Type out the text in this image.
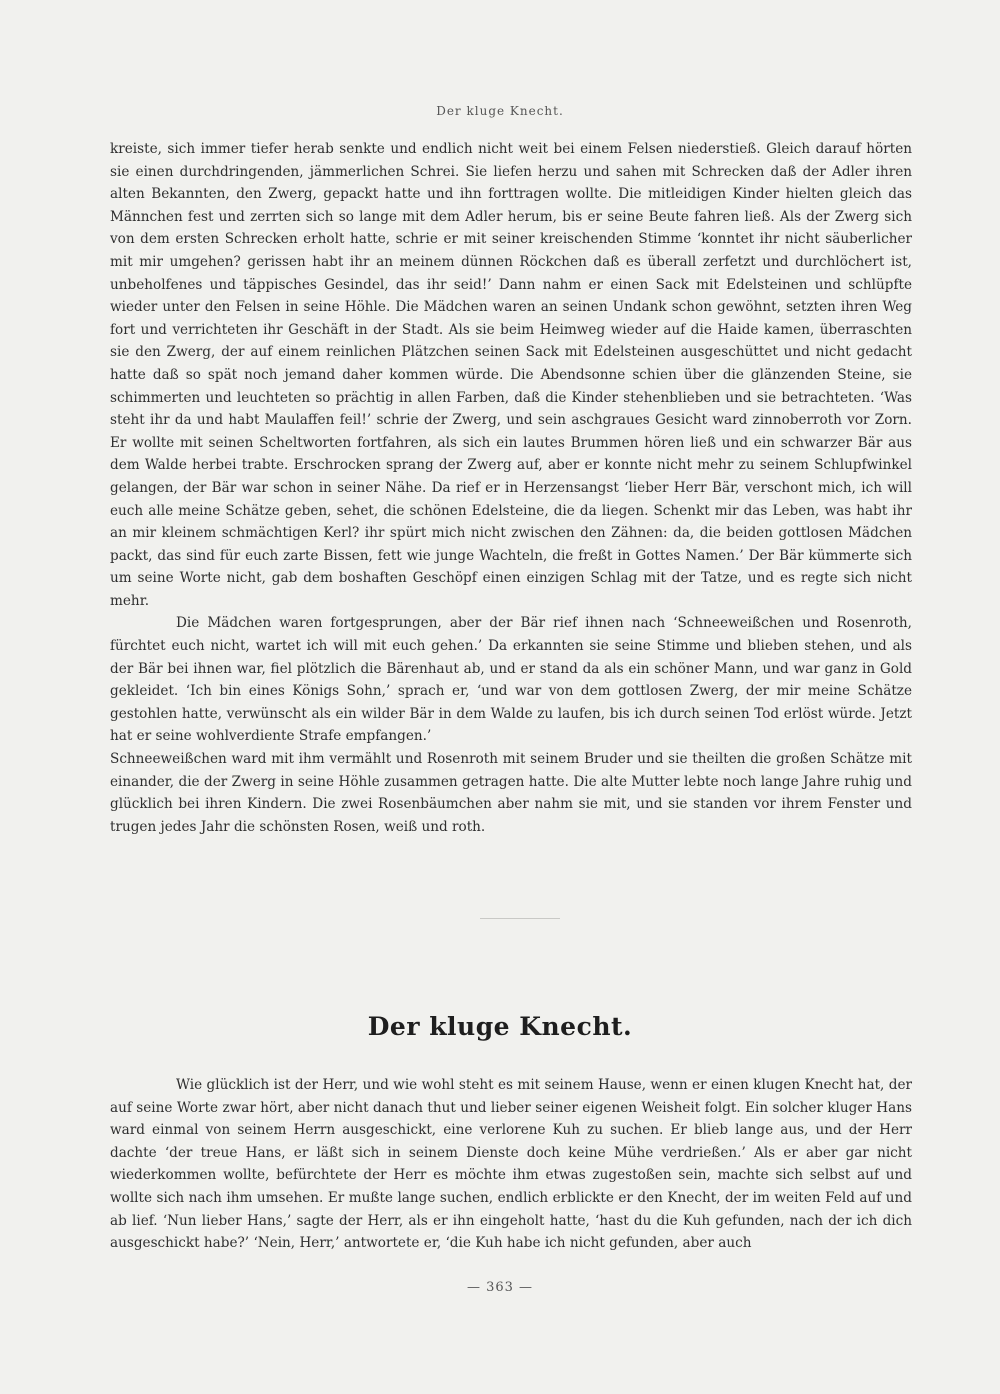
Der kluge Knecht.

kreiste, sich immer tiefer herab senkte und endlich nicht weit bei einem Felsen niederstieß. Gleich darauf hörten sie einen durchdringenden, jämmerlichen Schrei. Sie liefen herzu und sahen mit Schrecken daß der Adler ihren alten Bekannten, den Zwerg, gepackt hatte und ihn forttragen wollte. Die mitleidigen Kinder hielten gleich das Männchen fest und zerrten sich so lange mit dem Adler herum, bis er seine Beute fahren ließ. Als der Zwerg sich von dem ersten Schrecken erholt hatte, schrie er mit seiner kreischenden Stimme ‘konntet ihr nicht säuberlicher mit mir umgehen? gerissen habt ihr an meinem dünnen Röckchen daß es überall zerfetzt und durchlöchert ist, unbeholfenes und täppisches Gesindel, das ihr seid!’ Dann nahm er einen Sack mit Edelsteinen und schlüpfte wieder unter den Felsen in seine Höhle. Die Mädchen waren an seinen Undank schon gewöhnt, setzten ihren Weg fort und verrichteten ihr Geschäft in der Stadt. Als sie beim Heimweg wieder auf die Haide kamen, überraschten sie den Zwerg, der auf einem reinlichen Plätzchen seinen Sack mit Edelsteinen ausgeschüttet und nicht gedacht hatte daß so spät noch jemand daher kommen würde. Die Abendsonne schien über die glänzenden Steine, sie schimmerten und leuchteten so prächtig in allen Farben, daß die Kinder stehenblieben und sie betrachteten. ‘Was steht ihr da und habt Maulaffen feil!’ schrie der Zwerg, und sein aschgraues Gesicht ward zinnoberroth vor Zorn. Er wollte mit seinen Scheltworten fortfahren, als sich ein lautes Brummen hören ließ und ein schwarzer Bär aus dem Walde herbei trabte. Erschrocken sprang der Zwerg auf, aber er konnte nicht mehr zu seinem Schlupfwinkel gelangen, der Bär war schon in seiner Nähe. Da rief er in Herzensangst ‘lieber Herr Bär, verschont mich, ich will euch alle meine Schätze geben, sehet, die schönen Edelsteine, die da liegen. Schenkt mir das Leben, was habt ihr an mir kleinem schmächtigen Kerl? ihr spürt mich nicht zwischen den Zähnen: da, die beiden gottlosen Mädchen packt, das sind für euch zarte Bissen, fett wie junge Wachteln, die freßt in Gottes Namen.’ Der Bär kümmerte sich um seine Worte nicht, gab dem boshaften Geschöpf einen einzigen Schlag mit der Tatze, und es regte sich nicht mehr.

Die Mädchen waren fortgesprungen, aber der Bär rief ihnen nach ‘Schneeweißchen und Rosenroth, fürchtet euch nicht, wartet ich will mit euch gehen.’ Da erkannten sie seine Stimme und blieben stehen, und als der Bär bei ihnen war, fiel plötzlich die Bärenhaut ab, und er stand da als ein schöner Mann, und war ganz in Gold gekleidet. ‘Ich bin eines Königs Sohn,’ sprach er, ‘und war von dem gottlosen Zwerg, der mir meine Schätze gestohlen hatte, verwünscht als ein wilder Bär in dem Walde zu laufen, bis ich durch seinen Tod erlöst würde. Jetzt hat er seine wohlverdiente Strafe empfangen.’

Schneeweißchen ward mit ihm vermählt und Rosenroth mit seinem Bruder und sie theilten die großen Schätze mit einander, die der Zwerg in seine Höhle zusammen getragen hatte. Die alte Mutter lebte noch lange Jahre ruhig und glücklich bei ihren Kindern. Die zwei Rosenbäumchen aber nahm sie mit, und sie standen vor ihrem Fenster und trugen jedes Jahr die schönsten Rosen, weiß und roth.

Der kluge Knecht.

Wie glücklich ist der Herr, und wie wohl steht es mit seinem Hause, wenn er einen klugen Knecht hat, der auf seine Worte zwar hört, aber nicht danach thut und lieber seiner eigenen Weisheit folgt. Ein solcher kluger Hans ward einmal von seinem Herrn ausgeschickt, eine verlorene Kuh zu suchen. Er blieb lange aus, und der Herr dachte ‘der treue Hans, er läßt sich in seinem Dienste doch keine Mühe verdrießen.’ Als er aber gar nicht wiederkommen wollte, befürchtete der Herr es möchte ihm etwas zugestoßen sein, machte sich selbst auf und wollte sich nach ihm umsehen. Er mußte lange suchen, endlich erblickte er den Knecht, der im weiten Feld auf und ab lief. ‘Nun lieber Hans,’ sagte der Herr, als er ihn eingeholt hatte, ‘hast du die Kuh gefunden, nach der ich dich ausgeschickt habe?’ ‘Nein, Herr,’ antwortete er, ‘die Kuh habe ich nicht gefunden, aber auch

— 363 —
